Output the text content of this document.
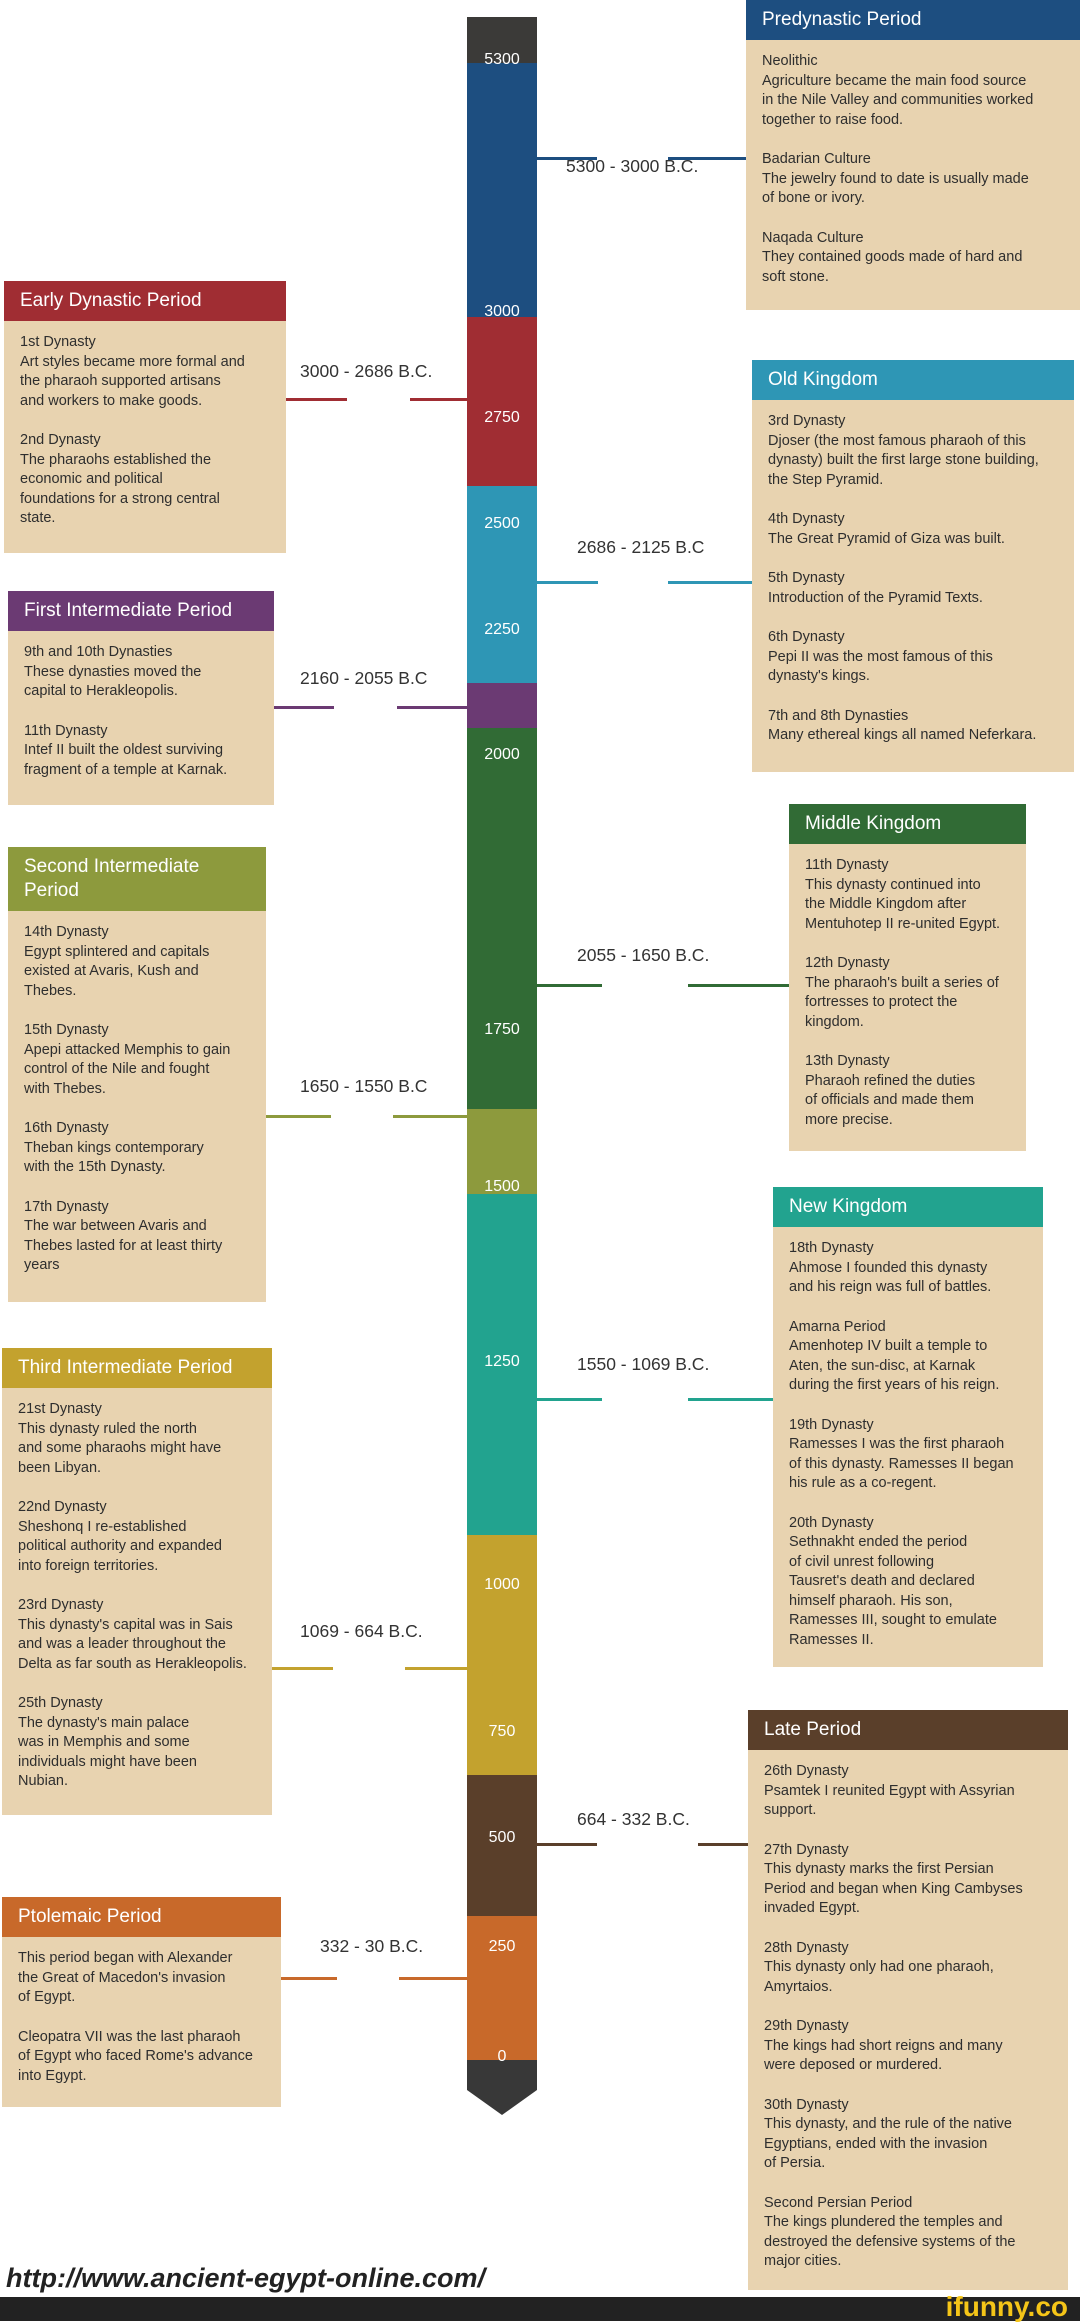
5300
3000
2750
2500
2250
2000
1750
1500
1250
1000
750
500
250
0
Predynastic Period
Neolithic
Agriculture became the main food source
in the Nile Valley and communities worked
together to raise food.
Badarian Culture
The jewelry found to date is usually made
of bone or ivory.
Naqada Culture
They contained goods made of hard and
soft stone.
5300 - 3000 B.C.
Early Dynastic Period
1st Dynasty
Art styles became more formal and
the pharaoh supported artisans
and workers to make goods.
2nd Dynasty
The pharaohs established the
economic and political
foundations for a strong central
state.
3000 - 2686 B.C.	Old Kingdom
3rd Dynasty
Djoser (the most famous pharaoh of this
dynasty) built the first large stone building,
the Step Pyramid.
4th Dynasty
The Great Pyramid of Giza was built.
5th Dynasty
Introduction of the Pyramid Texts.
6th Dynasty
Pepi II was the most famous of this
dynasty's kings.
7th and 8th Dynasties
Many ethereal kings all named Neferkara.
2686 - 2125 B.C
First Intermediate Period
9th and 10th Dynasties
These dynasties moved the
capital to Herakleopolis.
11th Dynasty
Intef II built the oldest surviving
fragment of a temple at Karnak.
2160 - 2055 B.C
Middle Kingdom
11th Dynasty
This dynasty continued into
the Middle Kingdom after
Mentuhotep II re-united Egypt.
12th Dynasty
The pharaoh's built a series of
fortresses to protect the
kingdom.
13th Dynasty
Pharaoh refined the duties
of officials and made them
more precise.
2055 - 1650 B.C.
Second Intermediate Period
14th Dynasty
Egypt splintered and capitals
existed at Avaris, Kush and
Thebes.
15th Dynasty
Apepi attacked Memphis to gain
control of the Nile and fought
with Thebes.
16th Dynasty
Theban kings contemporary
with the 15th Dynasty.
17th Dynasty
The war between Avaris and
Thebes lasted for at least thirty
years
1650 - 1550 B.C
New Kingdom
18th Dynasty
Ahmose I founded this dynasty
and his reign was full of battles.
Amarna Period
Amenhotep IV built a temple to
Aten, the sun-disc, at Karnak
during the first years of his reign.
19th Dynasty
Ramesses I was the first pharaoh
of this dynasty. Ramesses II began
his rule as a co-regent.
20th Dynasty
Sethnakht ended the period
of civil unrest following
Tausret's death and declared
himself pharaoh. His son,
Ramesses III, sought to emulate
Ramesses II.
1550 - 1069 B.C.
Third Intermediate Period
21st Dynasty
This dynasty ruled the north
and some pharaohs might have
been Libyan.
22nd Dynasty
Sheshonq I re-established
political authority and expanded
into foreign territories.
23rd Dynasty
This dynasty's capital was in Sais
and was a leader throughout the
Delta as far south as Herakleopolis.
25th Dynasty
The dynasty's main palace
was in Memphis and some
individuals might have been
Nubian.
1069 - 664 B.C.
Late Period
26th Dynasty
Psamtek I reunited Egypt with Assyrian
support.
27th Dynasty
This dynasty marks the first Persian
Period and began when King Cambyses
invaded Egypt.
28th Dynasty
This dynasty only had one pharaoh,
Amyrtaios.
29th Dynasty
The kings had short reigns and many
were deposed or murdered.
30th Dynasty
This dynasty, and the rule of the native
Egyptians, ended with the invasion
of Persia.
Second Persian Period
The kings plundered the temples and
destroyed the defensive systems of the
major cities.
664 - 332 B.C.
Ptolemaic Period
This period began with Alexander
the Great of Macedon's invasion
of Egypt.
Cleopatra VII was the last pharaoh
of Egypt who faced Rome's advance
into Egypt.
332 - 30 B.C.
http://www.ancient-egypt-online.com/
ifunny.co
